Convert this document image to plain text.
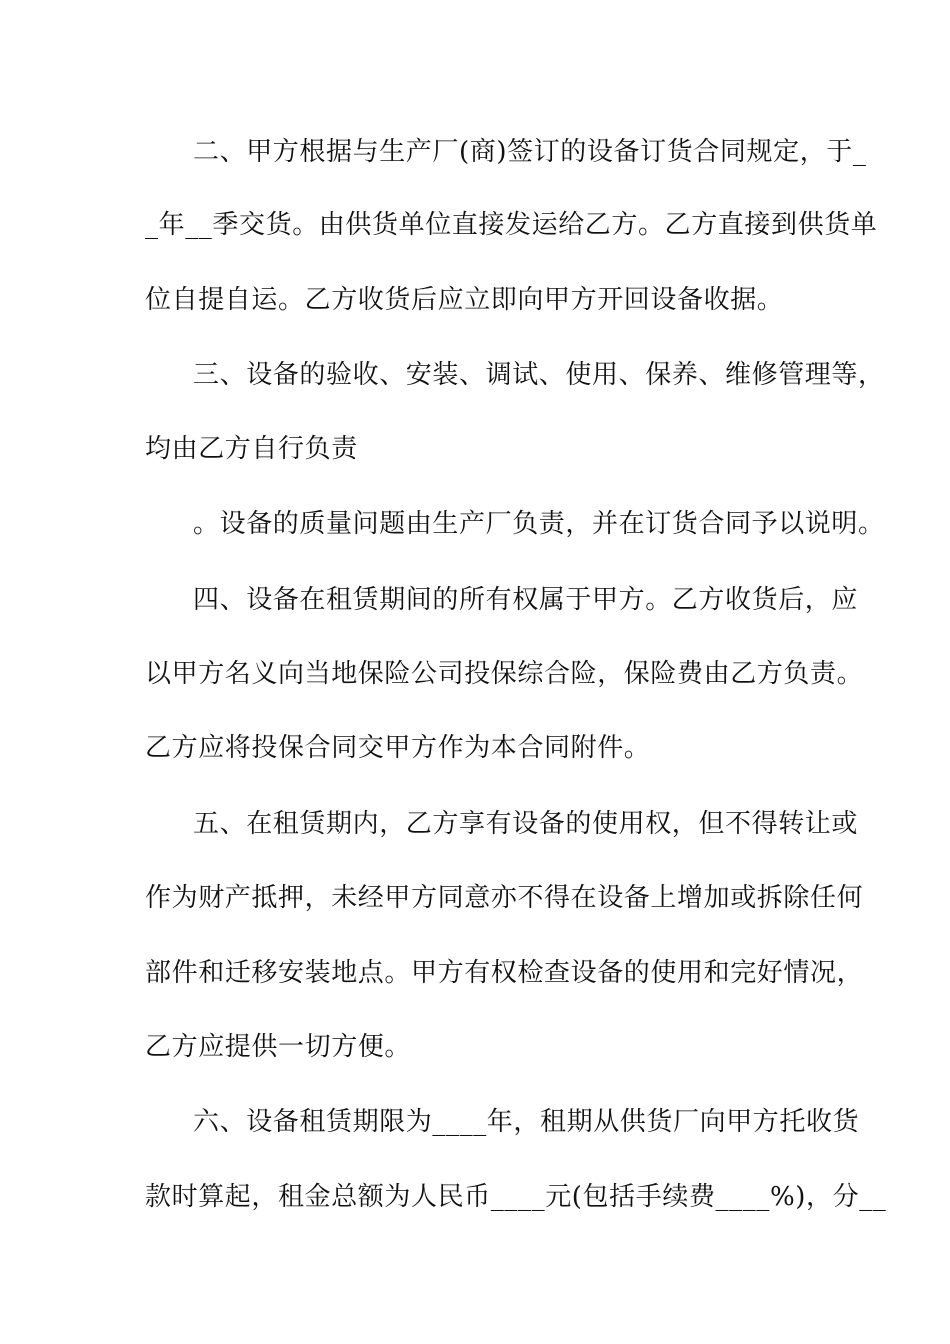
二、甲方根据与生产厂(商)签订的设备订货合同规定，于_
_年__季交货。由供货单位直接发运给乙方。乙方直接到供货单
位自提自运。乙方收货后应立即向甲方开回设备收据。
三、设备的验收、安装、调试、使用、保养、维修管理等，
均由乙方自行负责
。设备的质量问题由生产厂负责，并在订货合同予以说明。
四、设备在租赁期间的所有权属于甲方。乙方收货后，应
以甲方名义向当地保险公司投保综合险，保险费由乙方负责。
乙方应将投保合同交甲方作为本合同附件。
五、在租赁期内，乙方享有设备的使用权，但不得转让或
作为财产抵押，未经甲方同意亦不得在设备上增加或拆除任何
部件和迁移安装地点。甲方有权检查设备的使用和完好情况，
乙方应提供一切方便。
六、设备租赁期限为____年，租期从供货厂向甲方托收货
款时算起，租金总额为人民币____元(包括手续费____%)，分__
